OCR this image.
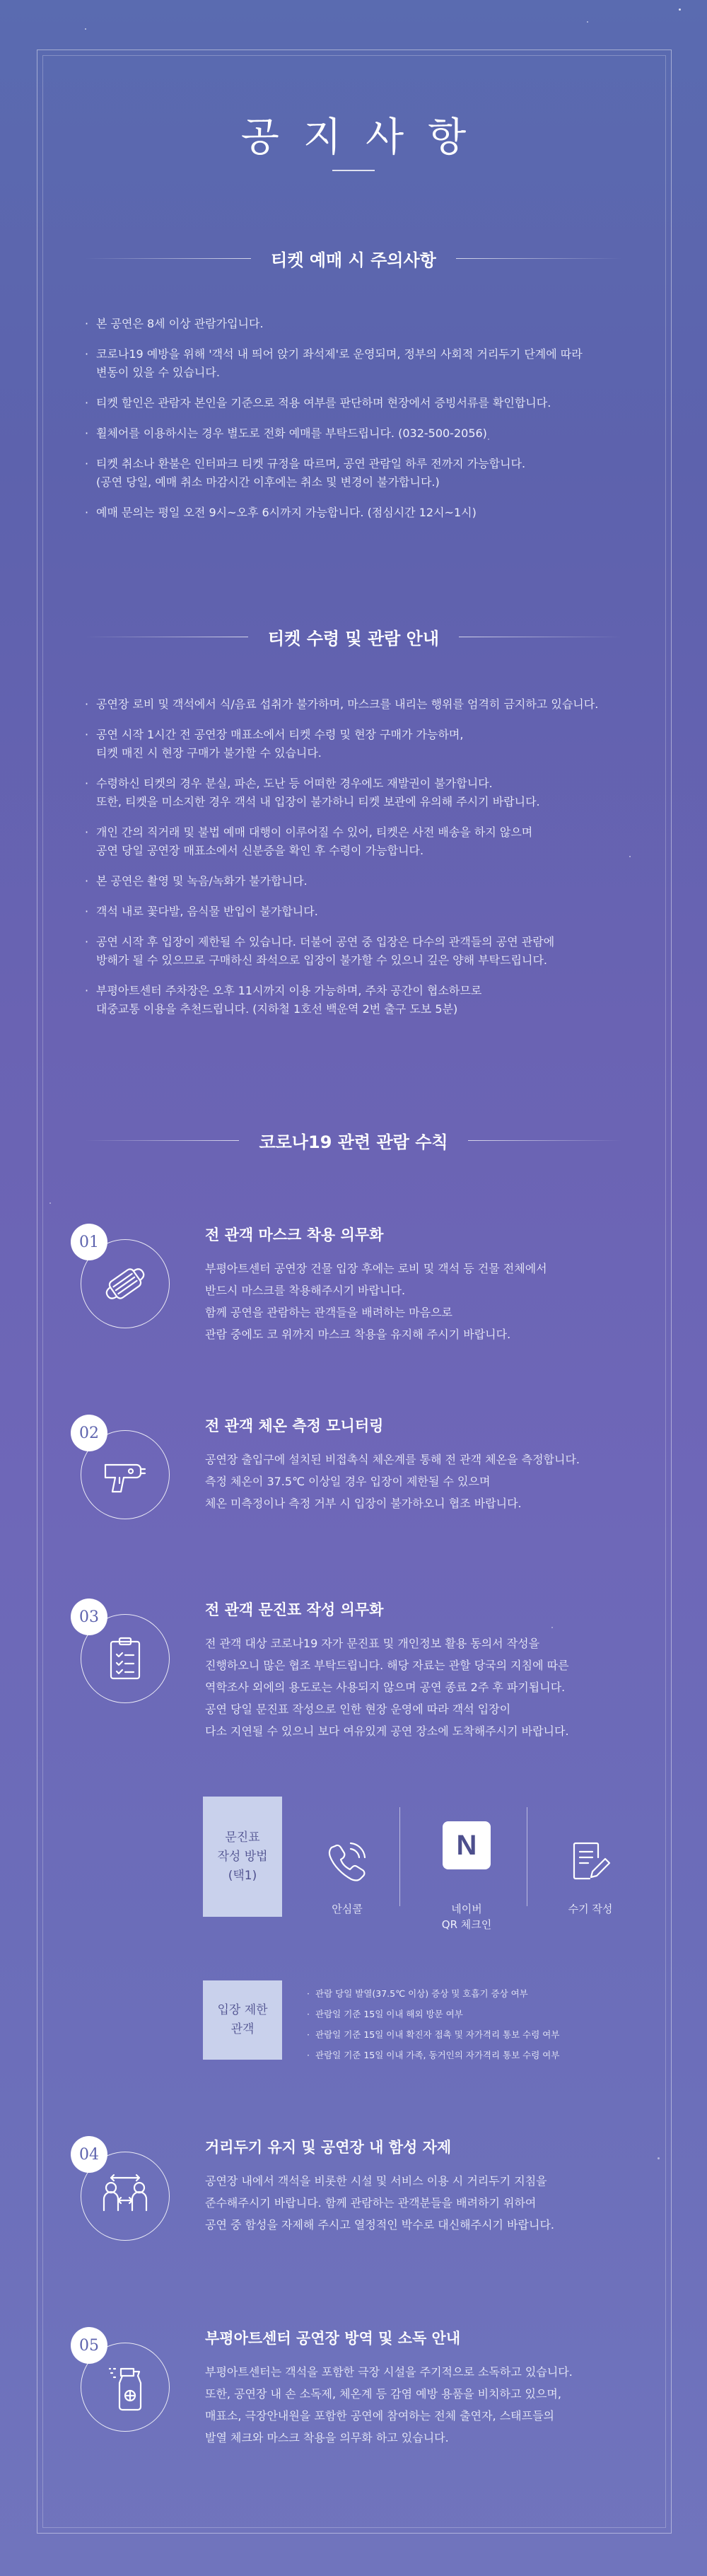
공지사항
티켓 예매 시 주의사항
· 본 공연은 8세 이상 관람가입니다.
· 코로나19 예방을 위해 '객석 내 띄어 앉기 좌석제'로 운영되며, 정부의 사회적 거리두기 단계에 따라
변동이 있을 수 있습니다.
· 티켓 할인은 관람자 본인을 기준으로 적용 여부를 판단하며 현장에서 증빙서류를 확인합니다.
· 휠체어를 이용하시는 경우 별도로 전화 예매를 부탁드립니다. (032-500-2056)
· 티켓 취소나 환불은 인터파크 티켓 규정을 따르며, 공연 관람일 하루 전까지 가능합니다.
(공연 당일, 예매 취소 마감시간 이후에는 취소 및 변경이 불가합니다.)
· 예매 문의는 평일 오전 9시~오후 6시까지 가능합니다. (점심시간 12시~1시)
티켓 수령 및 관람 안내
· 공연장 로비 및 객석에서 식/음료 섭취가 불가하며, 마스크를 내리는 행위를 엄격히 금지하고 있습니다.
· 공연 시작 1시간 전 공연장 매표소에서 티켓 수령 및 현장 구매가 가능하며,
티켓 매진 시 현장 구매가 불가할 수 있습니다.
· 수령하신 티켓의 경우 분실, 파손, 도난 등 어떠한 경우에도 재발권이 불가합니다.
또한, 티켓을 미소지한 경우 객석 내 입장이 불가하니 티켓 보관에 유의해 주시기 바랍니다.
· 개인 간의 직거래 및 불법 예매 대행이 이루어질 수 있어, 티켓은 사전 배송을 하지 않으며
공연 당일 공연장 매표소에서 신분증을 확인 후 수령이 가능합니다.
· 본 공연은 촬영 및 녹음/녹화가 불가합니다.
· 객석 내로 꽃다발, 음식물 반입이 불가합니다.
· 공연 시작 후 입장이 제한될 수 있습니다. 더불어 공연 중 입장은 다수의 관객들의 공연 관람에
방해가 될 수 있으므로 구매하신 좌석으로 입장이 불가할 수 있으니 깊은 양해 부탁드립니다.
· 부평아트센터 주차장은 오후 11시까지 이용 가능하며, 주차 공간이 협소하므로
대중교통 이용을 추천드립니다. (지하철 1호선 백운역 2번 출구 도보 5분)
코로나19 관련 관람 수칙
01	전 관객 마스크 착용 의무화
부평아트센터 공연장 건물 입장 후에는 로비 및 객석 등 건물 전체에서
반드시 마스크를 착용해주시기 바랍니다.
함께 공연을 관람하는 관객들을 배려하는 마음으로
관람 중에도 코 위까지 마스크 착용을 유지해 주시기 바랍니다.
02	전 관객 체온 측정 모니터링
공연장 출입구에 설치된 비접촉식 체온계를 통해 전 관객 체온을 측정합니다.
측정 체온이 37.5℃ 이상일 경우 입장이 제한될 수 있으며
체온 미측정이나 측정 거부 시 입장이 불가하오니 협조 바랍니다.
03	전 관객 문진표 작성 의무화
전 관객 대상 코로나19 자가 문진표 및 개인정보 활용 동의서 작성을
진행하오니 많은 협조 부탁드립니다. 해당 자료는 관할 당국의 지침에 따른
역학조사 외에의 용도로는 사용되지 않으며 공연 종료 2주 후 파기됩니다.
공연 당일 문진표 작성으로 인한 현장 운영에 따라 객석 입장이
다소 지연될 수 있으니 보다 여유있게 공연 장소에 도착해주시기 바랍니다.
문진표
작성 방법
(택1)

안심콜

N

네이버
QR 체크인

수기 작성

입장 제한
관객
· 관람 당일 발열(37.5℃ 이상) 증상 및 호흡기 증상 여부
· 관람일 기준 15일 이내 해외 방문 여부
· 관람일 기준 15일 이내 확진자 접촉 및 자가격리 통보 수령 여부
· 관람일 기준 15일 이내 가족, 동거인의 자가격리 통보 수령 여부
04	거리두기 유지 및 공연장 내 함성 자제
공연장 내에서 객석을 비롯한 시설 및 서비스 이용 시 거리두기 지침을
준수해주시기 바랍니다. 함께 관람하는 관객분들을 배려하기 위하여
공연 중 함성을 자제해 주시고 열정적인 박수로 대신해주시기 바랍니다.
05	부평아트센터 공연장 방역 및 소독 안내
부평아트센터는 객석을 포함한 극장 시설을 주기적으로 소독하고 있습니다.
또한, 공연장 내 손 소독제, 체온계 등 감염 예방 용품을 비치하고 있으며,
매표소, 극장안내원을 포함한 공연에 참여하는 전체 출연자, 스태프들의
발열 체크와 마스크 착용을 의무화 하고 있습니다.
